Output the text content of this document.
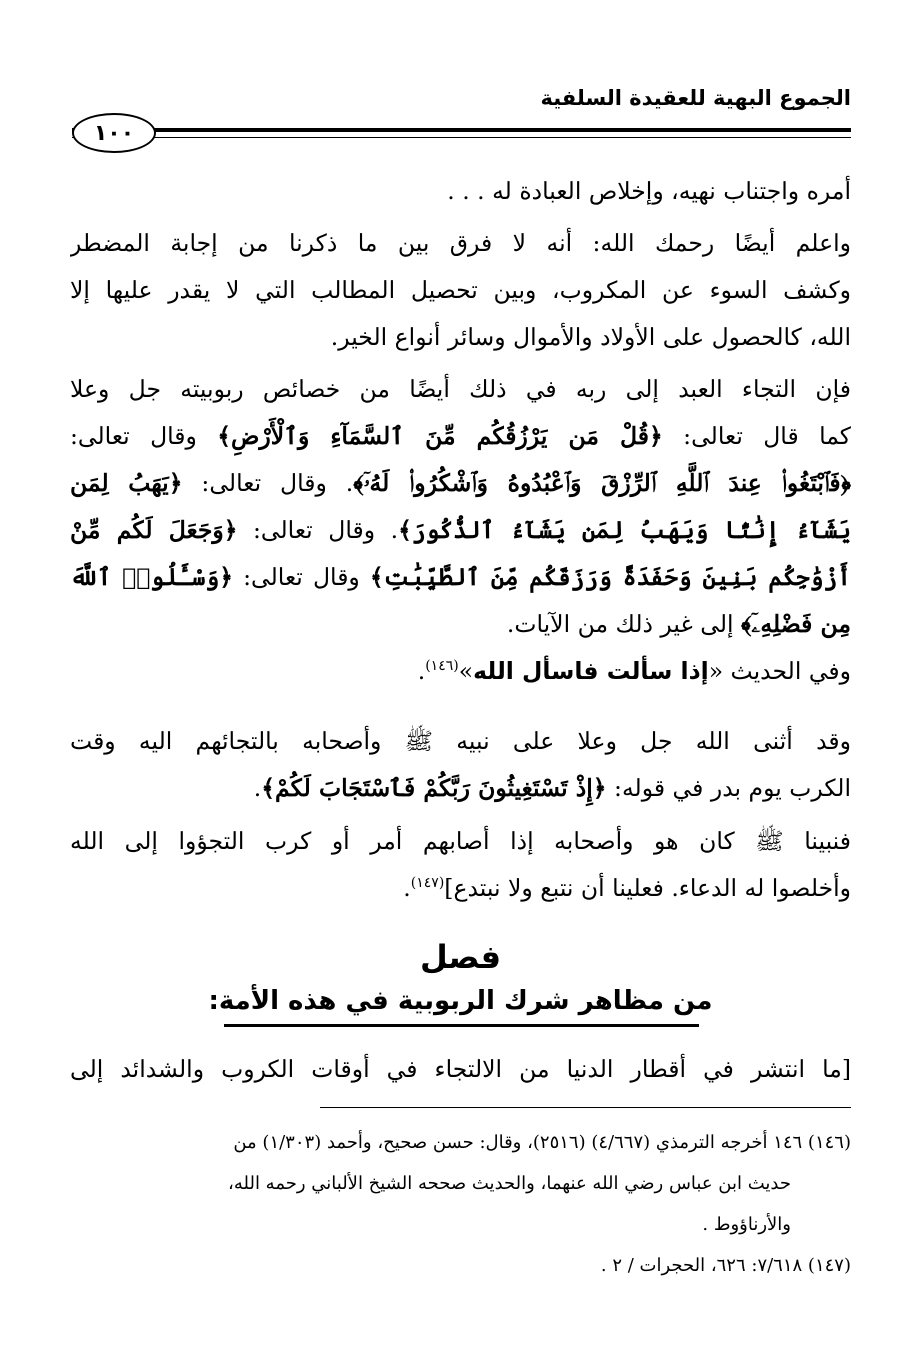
الجموع البهية للعقيدة السلفية
١٠٠
أمره واجتناب نهيه، وإخلاص العبادة له . . .
واعلم أيضًا رحمك الله: أنه لا فرق بين ما ذكرنا من إجابة المضطر
وكشف السوء عن المكروب، وبين تحصيل المطالب التي لا يقدر عليها إلا
الله، كالحصول على الأولاد والأموال وسائر أنواع الخير.
فإن التجاء العبد إلى ربه في ذلك أيضًا من خصائص ربوبيته جل وعلا
كما قال تعالى: ﴿قُلْ مَن يَرْزُقُكُم مِّنَ ٱلسَّمَآءِ وَٱلْأَرْضِ﴾ وقال تعالى:
﴿فَٱبْتَغُوا۟ عِندَ ٱللَّهِ ٱلرِّزْقَ وَٱعْبُدُوهُ وَٱشْكُرُوا۟ لَهُۥٓ﴾. وقال تعالى: ﴿يَهَبُ لِمَن
يَشَآءُ إِنَٰثًا وَيَهَبُ لِمَن يَشَآءُ ٱلذُّكُورَ﴾. وقال تعالى: ﴿وَجَعَلَ لَكُم مِّنْ
أَزْوَٰجِكُم بَنِينَ وَحَفَدَةً وَرَزَقَكُم مِّنَ ٱلطَّيِّبَٰتِ﴾ وقال تعالى: ﴿وَسْـَٔلُوا۟ ٱللَّهَ
مِن فَضْلِهِۦٓ﴾ إلى غير ذلك من الآيات.
وفي الحديث «إذا سألت فاسأل الله»$^{(١٤٦)}$.
وقد أثنى الله جل وعلا على نبيه ﷺ وأصحابه بالتجائهم اليه وقت
الكرب يوم بدر في قوله: ﴿إِذْ تَسْتَغِيثُونَ رَبَّكُمْ فَٱسْتَجَابَ لَكُمْ﴾.
فنبينا ﷺ كان هو وأصحابه إذا أصابهم أمر أو كرب التجؤوا إلى الله
وأخلصوا له الدعاء. فعلينا أن نتبع ولا نبتدع]$^{(١٤٧)}$.
فصل
من مظاهر شرك الربوبية في هذه الأمة:
[ما انتشر في أقطار الدنيا من الالتجاء في أوقات الكروب والشدائد إلى
(١٤٦) ١٤٦ أخرجه الترمذي (٤/٦٦٧) (٢٥١٦)، وقال: حسن صحيح، وأحمد (١/٣٠٣) من
حديث ابن عباس رضي الله عنهما، والحديث صححه الشيخ الألباني رحمه الله،
والأرناؤوط .
(١٤٧) ٧/٦١٨: ٦٢٦، الحجرات / ٢ .
